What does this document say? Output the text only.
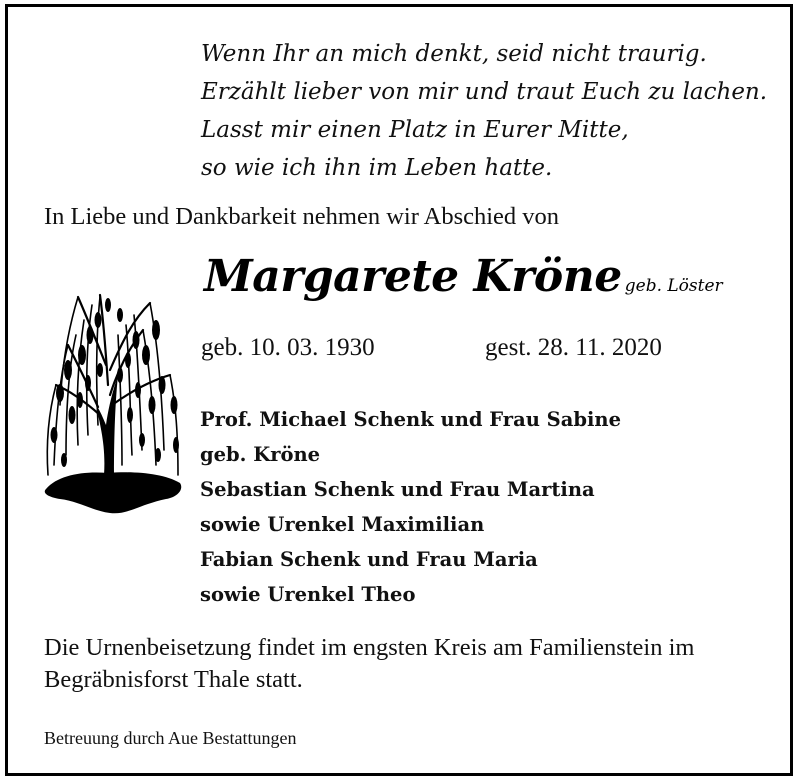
Wenn Ihr an mich denkt, seid nicht traurig.
Erzählt lieber von mir und traut Euch zu lachen.
Lasst mir einen Platz in Eurer Mitte,
so wie ich ihn im Leben hatte.
In Liebe und Dankbarkeit nehmen wir Abschied von
Margarete Kröne geb. Löster
geb. 10. 03. 1930	gest. 28. 11. 2020
Prof. Michael Schenk und Frau Sabine
geb. Kröne
Sebastian Schenk und Frau Martina
sowie Urenkel Maximilian
Fabian Schenk und Frau Maria
sowie Urenkel Theo
Die Urnenbeisetzung findet im engsten Kreis am Familienstein im Begräbnisforst Thale statt.
Betreuung durch Aue Bestattungen
